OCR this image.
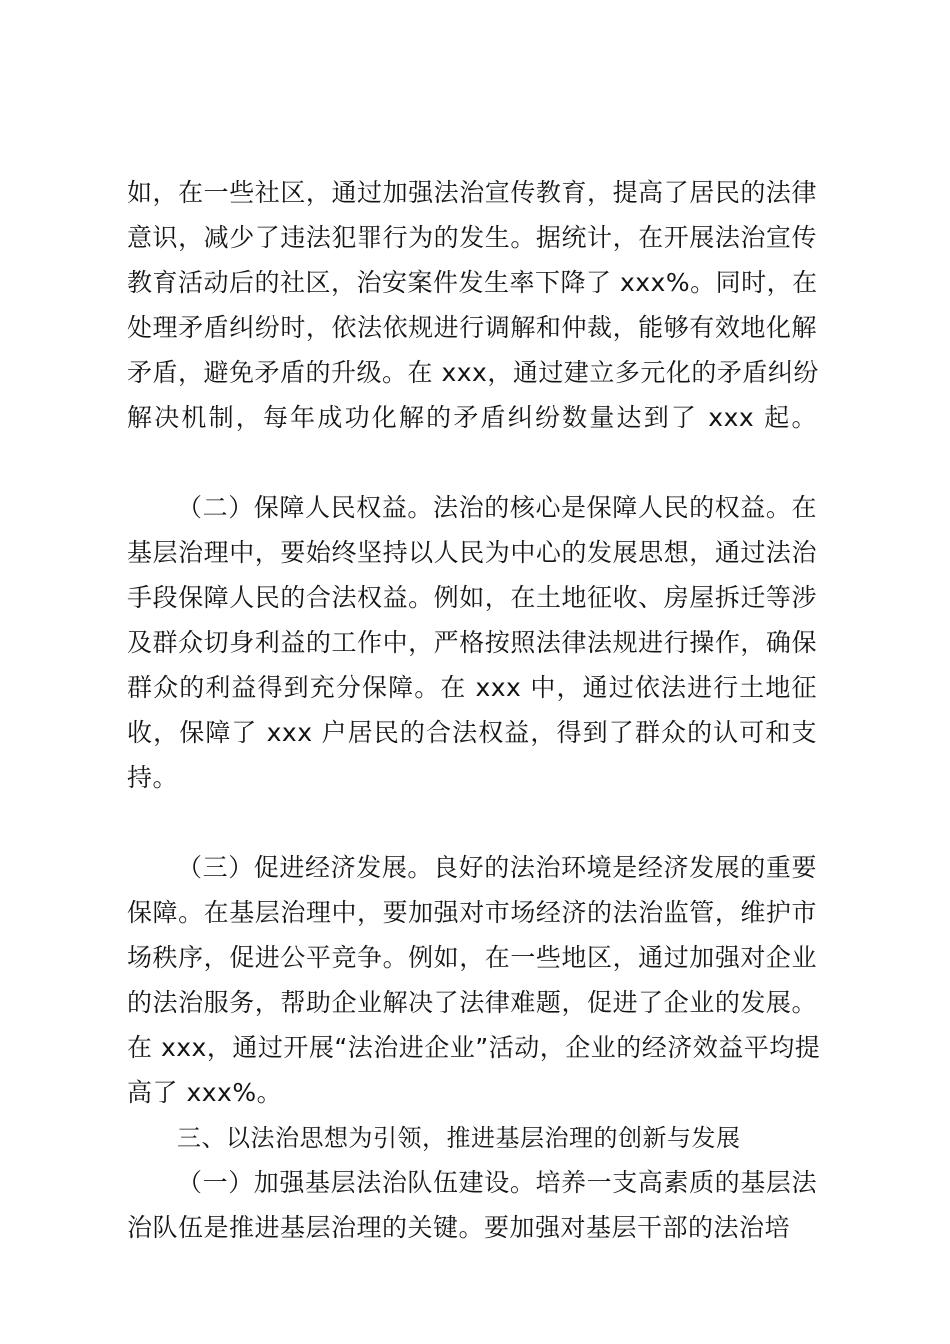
如，在一些社区，通过加强法治宣传教育，提高了居民的法律

意识，减少了违法犯罪行为的发生。据统计，在开展法治宣传

教育活动后的社区，治安案件发生率下降了 xxx%。同时，在

处理矛盾纠纷时，依法依规进行调解和仲裁，能够有效地化解

矛盾，避免矛盾的升级。在 xxx，通过建立多元化的矛盾纠纷

解决机制，每年成功化解的矛盾纠纷数量达到了 xxx 起。

（二）保障人民权益。法治的核心是保障人民的权益。在

基层治理中，要始终坚持以人民为中心的发展思想，通过法治

手段保障人民的合法权益。例如，在土地征收、房屋拆迁等涉

及群众切身利益的工作中，严格按照法律法规进行操作，确保

群众的利益得到充分保障。在 xxx 中，通过依法进行土地征

收，保障了 xxx 户居民的合法权益，得到了群众的认可和支

持。

（三）促进经济发展。良好的法治环境是经济发展的重要

保障。在基层治理中，要加强对市场经济的法治监管，维护市

场秩序，促进公平竞争。例如，在一些地区，通过加强对企业

的法治服务，帮助企业解决了法律难题，促进了企业的发展。

在 xxx，通过开展“法治进企业”活动，企业的经济效益平均提

高了 xxx%。

三、以法治思想为引领，推进基层治理的创新与发展

（一）加强基层法治队伍建设。培养一支高素质的基层法

治队伍是推进基层治理的关键。要加强对基层干部的法治培
